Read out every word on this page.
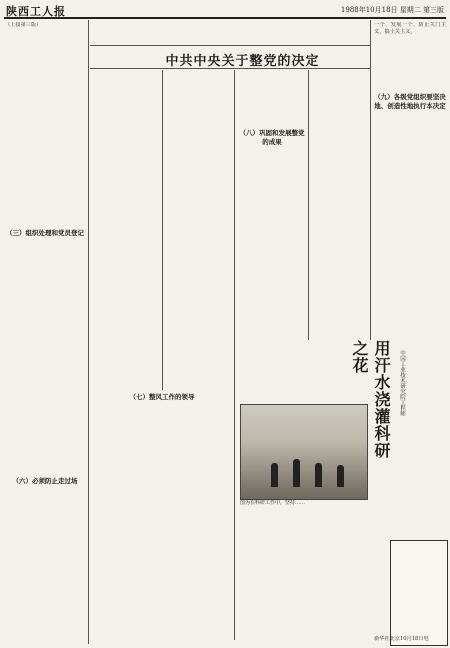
陕西工人报	1988年10月18日 星期二 第三版
（上接第三版）
中共中央关于整党的决定
（三）组织处理和党员登记
（六）必须防止走过场
（七）整风工作的领导
（八）巩固和发展整党的成果
一个、发展一个、防止关门主义，搞土关主义。
（九）各级党组织要坚决地、创造性地执行本决定
用汗水浇灌科研之花	中国工业技术研究院工程师
图为在科研工作中，坚持……
新华社北京10月18日电
